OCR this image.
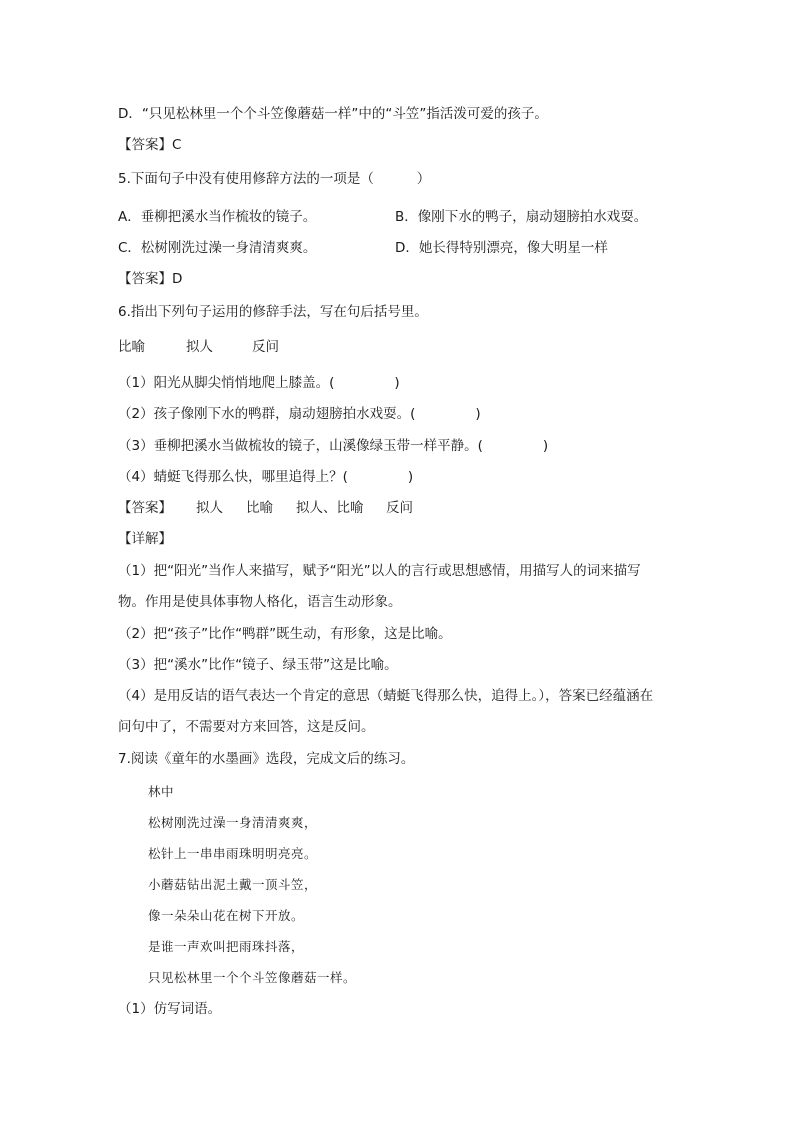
D．“只见松林里一个个斗笠像蘑菇一样”中的“斗笠”指活泼可爱的孩子。
【答案】C
5.下面句子中没有使用修辞方法的一项是（          ）
A．垂柳把溪水当作梳妆的镜子。	B．像刚下水的鸭子，扇动翅膀拍水戏耍。
C．松树刚洗过澡一身清清爽爽。	D．她长得特别漂亮，像大明星一样
【答案】D
6.指出下列句子运用的修辞手法，写在句后括号里。
比喻	拟人	反问
（1）阳光从脚尖悄悄地爬上膝盖。(              )
（2）孩子像刚下水的鸭群，扇动翅膀拍水戏耍。(              )
（3）垂柳把溪水当做梳妆的镜子，山溪像绿玉带一样平静。(              )
（4）蜻蜓飞得那么快，哪里追得上？(              )
【答案】 拟人 比喻 拟人、比喻 反问
【详解】
（1）把“阳光”当作人来描写，赋予“阳光”以人的言行或思想感情，用描写人的词来描写
物。作用是使具体事物人格化，语言生动形象。
（2）把“孩子”比作“鸭群”既生动，有形象，这是比喻。
（3）把“溪水”比作“镜子、绿玉带”这是比喻。
（4）是用反诘的语气表达一个肯定的意思（蜻蜓飞得那么快，追得上。），答案已经蕴涵在
问句中了，不需要对方来回答，这是反问。
7.阅读《童年的水墨画》选段，完成文后的练习。
林中
松树刚洗过澡一身清清爽爽，
松针上一串串雨珠明明亮亮。
小蘑菇钻出泥土戴一顶斗笠，
像一朵朵山花在树下开放。
是谁一声欢叫把雨珠抖落，
只见松林里一个个斗笠像蘑菇一样。
（1）仿写词语。
